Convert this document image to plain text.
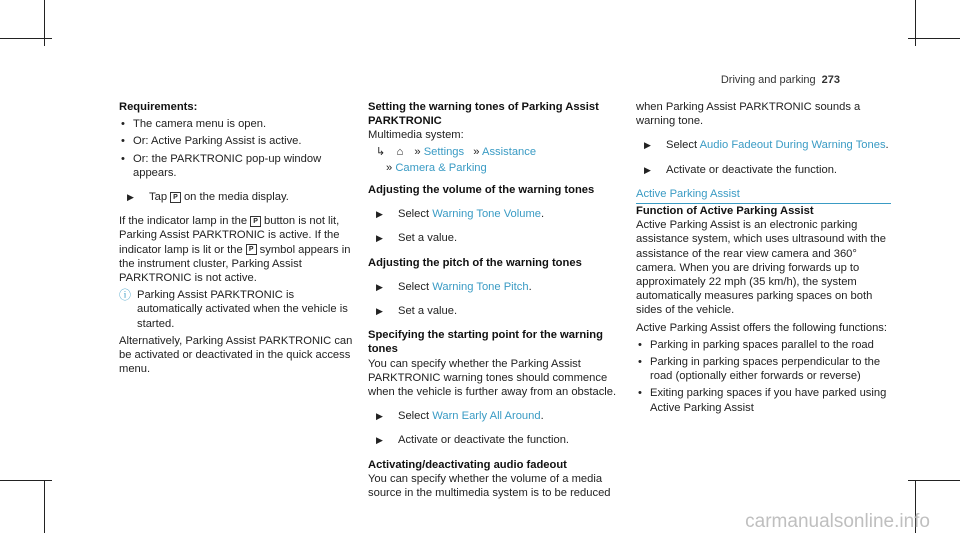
Driving and parking 273

Requirements:

• The camera menu is open.
• Or: Active Parking Assist is active.
• Or: the PARKTRONIC pop-up window appears.
▶	Tap P on the media display.

If the indicator lamp in the P button is not lit, Parking Assist PARKTRONIC is active. If the indicator lamp is lit or the P symbol appears in the instrument cluster, Parking Assist PARKTRONIC is not active.

ⓘ Parking Assist PARKTRONIC is automatically activated when the vehicle is started.

Alternatively, Parking Assist PARKTRONIC can be activated or deactivated in the quick access menu.

Setting the warning tones of Parking Assist PARKTRONIC

Multimedia system:

↳ ⌂ » Settings » Assistance

» Camera & Parking

Adjusting the volume of the warning tones

▶	Select Warning Tone Volume.
▶	Set a value.

Adjusting the pitch of the warning tones

▶	Select Warning Tone Pitch.
▶	Set a value.

Specifying the starting point for the warning tones

You can specify whether the Parking Assist PARKTRONIC warning tones should commence when the vehicle is further away from an obstacle.

▶	Select Warn Early All Around.
▶	Activate or deactivate the function.

Activating/deactivating audio fadeout

You can specify whether the volume of a media source in the multimedia system is to be reduced

when Parking Assist PARKTRONIC sounds a warning tone.

▶	Select Audio Fadeout During Warning Tones.
▶	Activate or deactivate the function.

Active Parking Assist

Function of Active Parking Assist

Active Parking Assist is an electronic parking assistance system, which uses ultrasound with the assistance of the rear view camera and 360° camera. When you are driving forwards up to approximately 22 mph (35 km/h), the system automatically measures parking spaces on both sides of the vehicle.

Active Parking Assist offers the following functions:

• Parking in parking spaces parallel to the road
• Parking in parking spaces perpendicular to the road (optionally either forwards or reverse)
• Exiting parking spaces if you have parked using Active Parking Assist
carmanualsonline.info
